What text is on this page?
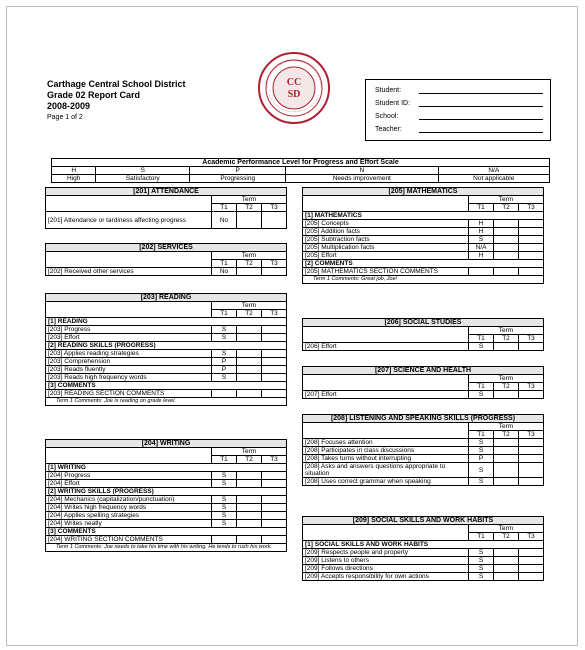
Carthage Central School District
Grade 02 Report Card
2008-2009
Page 1 of 2
CC
SD	Student:
Student ID:
School:
Teacher:
Academic Performance Level for Progress and Effort Scale				
H	S	P	N	N/A
High	Satisfactory	Progressing	Needs improvement	Not applicable
[201] ATTENDANCE			
	Term		
	T1	T2	T3
[201] Attendance or tardiness affecting progress	No		
[202] SERVICES			
	Term		
	T1	T2	T3
[202] Received other services	No		
[203] READING			
	Term		
	T1	T2	T3
[1] READING			
[203] Progress	S		
[203] Effort	S		
[2] READING SKILLS (PROGRESS)			
[203] Applies reading strategies	S		
[203] Comprehension	P		
[203] Reads fluently	P		
[203] Reads high frequency words	S		
[3] COMMENTS			
[203] READING SECTION COMMENTS			
Term 1 Comments: Joe is reading on grade level.			
[204] WRITING			
	Term		
	T1	T2	T3
[1] WRITING			
[204] Progress	S		
[204] Effort	S		
[2] WRITING SKILLS (PROGRESS)			
[204] Mechanics (capitalization/punctuation)	S		
[204] Writes high frequency words	S		
[204] Applies spelling strategies	S		
[204] Writes neatly	S		
[3] COMMENTS			
[204] WRITING SECTION COMMENTS			
Term 1 Comments: Joe needs to take his time with his writing. He tends to rush his work.			
[205] MATHEMATICS			
	Term		
	T1	T2	T3
[1] MATHEMATICS			
[205] Concepts	H		
[205] Addition facts	H		
[205] Subtraction facts	S		
[205] Multiplication facts	N/A		
[205] Effort	H		
[2] COMMENTS			
[205] MATHEMATICS SECTION COMMENTS			
Term 1 Comments: Great job, Joe!			
[206] SOCIAL STUDIES			
	Term		
	T1	T2	T3
[206] Effort	S		
[207] SCIENCE AND HEALTH			
	Term		
	T1	T2	T3
[207] Effort	S		
[208] LISTENING AND SPEAKING SKILLS (PROGRESS)			
	Term		
	T1	T2	T3
[208] Focuses attention	S		
[208] Participates in class discussions	S		
[208] Takes turns without interrupting	P		
[208] Asks and answers questions appropriate to situation	S		
[208] Uses correct grammar when speaking	S		
[209] SOCIAL SKILLS AND WORK HABITS			
	Term		
	T1	T2	T3
[1] SOCIAL SKILLS AND WORK HABITS			
[209] Respects people and property	S		
[209] Listens to others	S		
[209] Follows directions	S		
[209] Accepts responsibility for own actions	S		
